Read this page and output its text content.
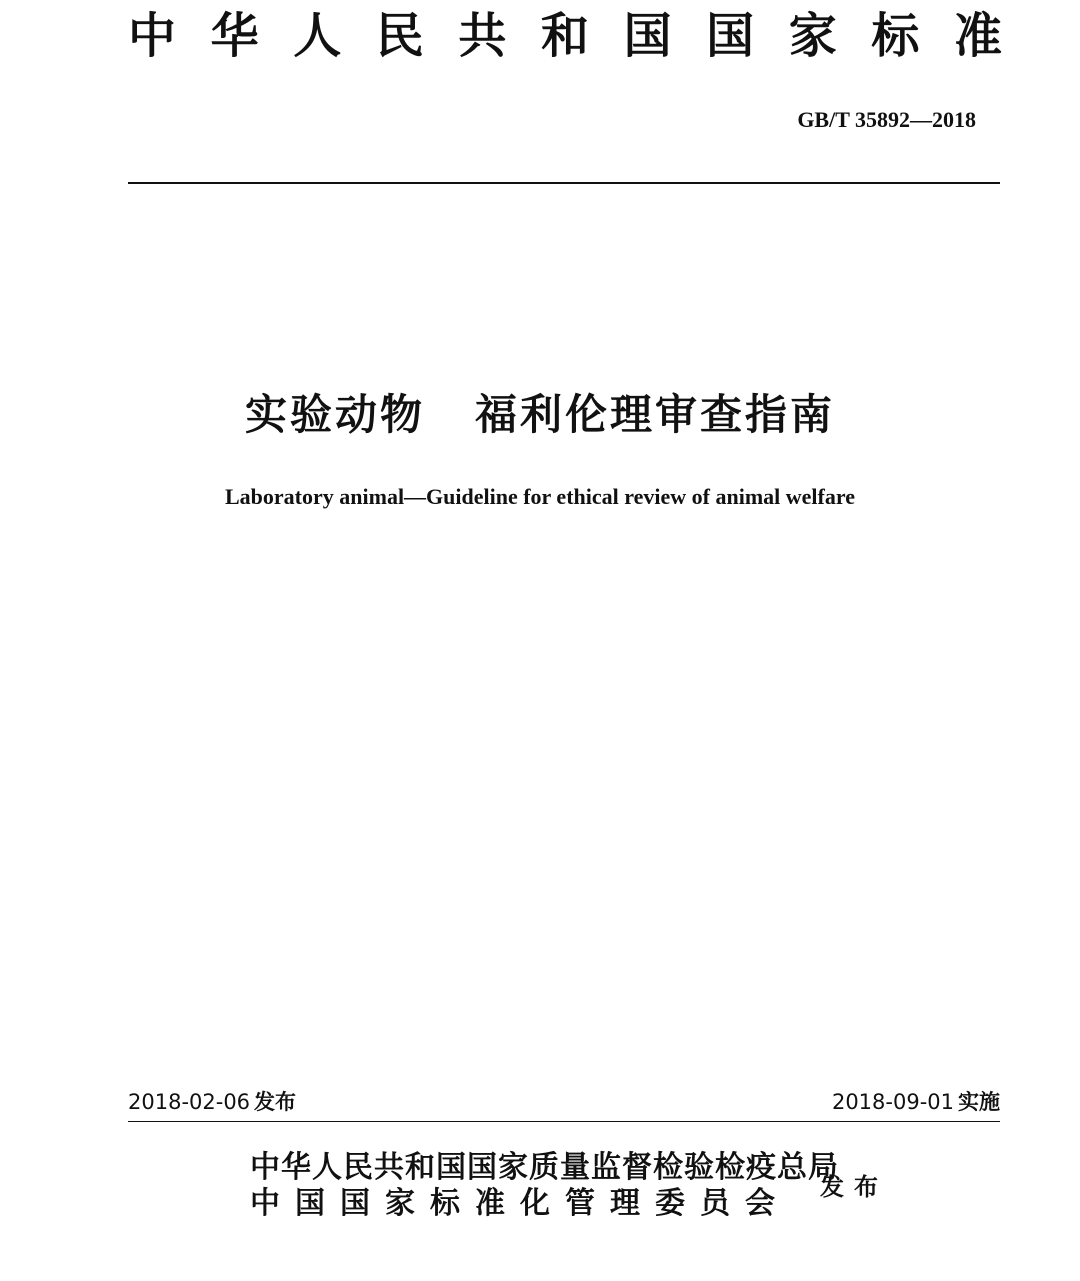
中 华 人 民 共 和 国 国 家 标 准
GB/T 35892—2018
实验动物 福利伦理审查指南
Laboratory animal—Guideline for ethical review of animal welfare
2018-02-06 发布	2018-09-01 实施
中华人民共和国国家质量监督检验检疫总局
中国国家标准化管理委员会	发布
